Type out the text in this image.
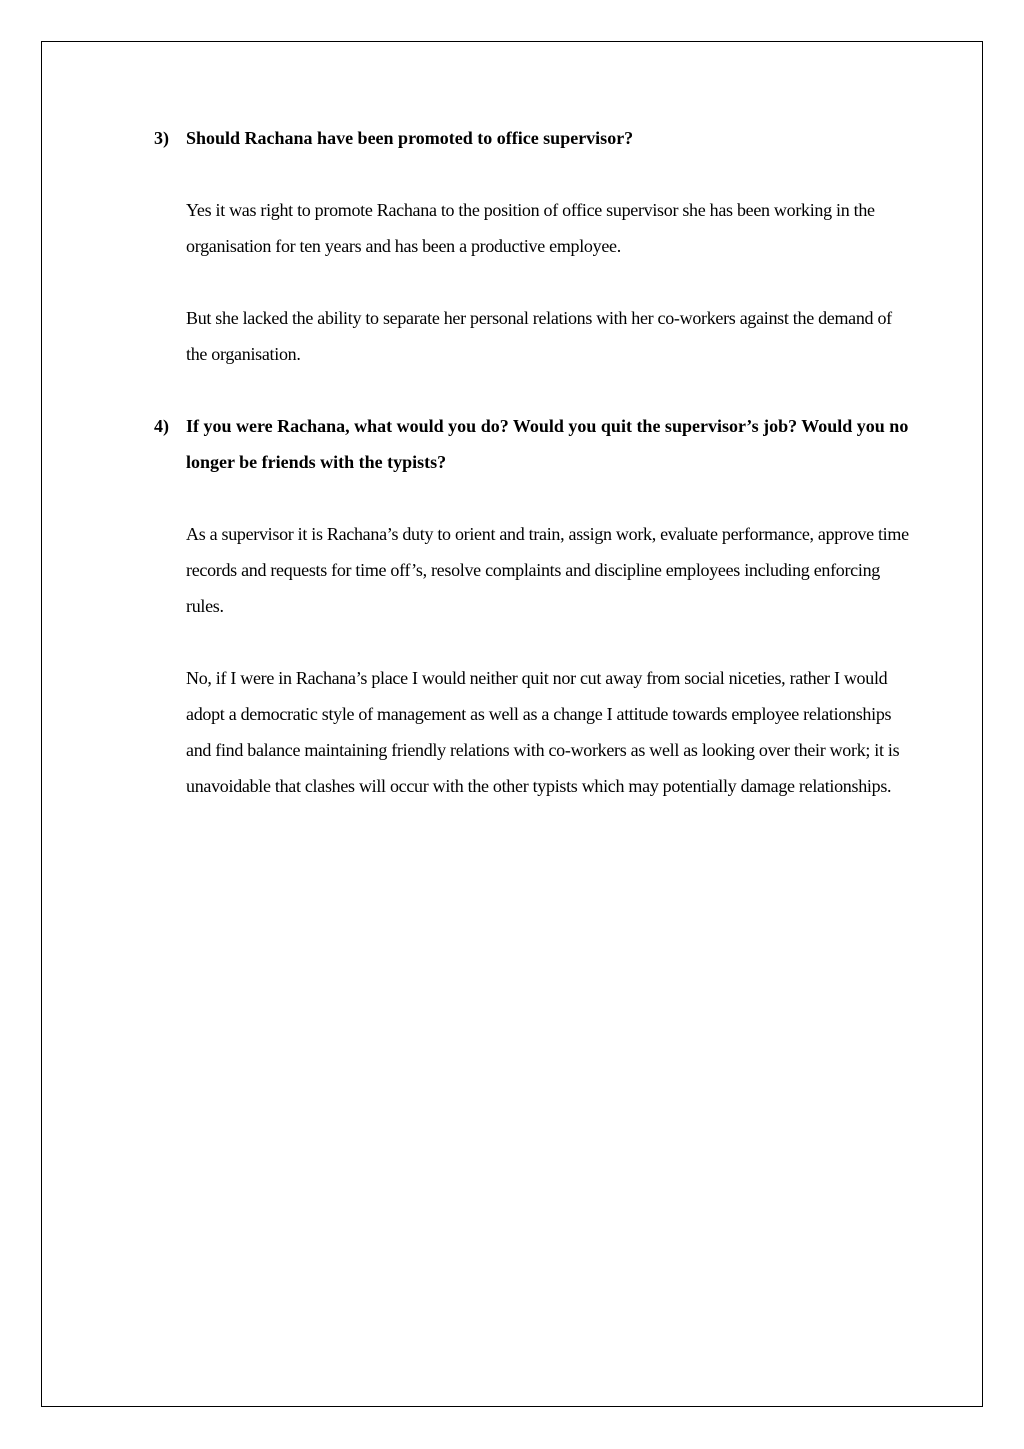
3) Should Rachana have been promoted to office supervisor?

Yes it was right to promote Rachana to the position of office supervisor she has been working in the organisation for ten years and has been a productive employee.

But she lacked the ability to separate her personal relations with her co-workers against the demand of the organisation.

4) If you were Rachana, what would you do? Would you quit the supervisor’s job? Would you no longer be friends with the typists?

As a supervisor it is Rachana’s duty to orient and train, assign work, evaluate performance, approve time records and requests for time off’s, resolve complaints and discipline employees including enforcing rules.

No, if I were in Rachana’s place I would neither quit nor cut away from social niceties, rather I would adopt a democratic style of management as well as a change I attitude towards employee relationships and find balance maintaining friendly relations with co-workers as well as looking over their work; it is unavoidable that clashes will occur with the other typists which may potentially damage relationships.
